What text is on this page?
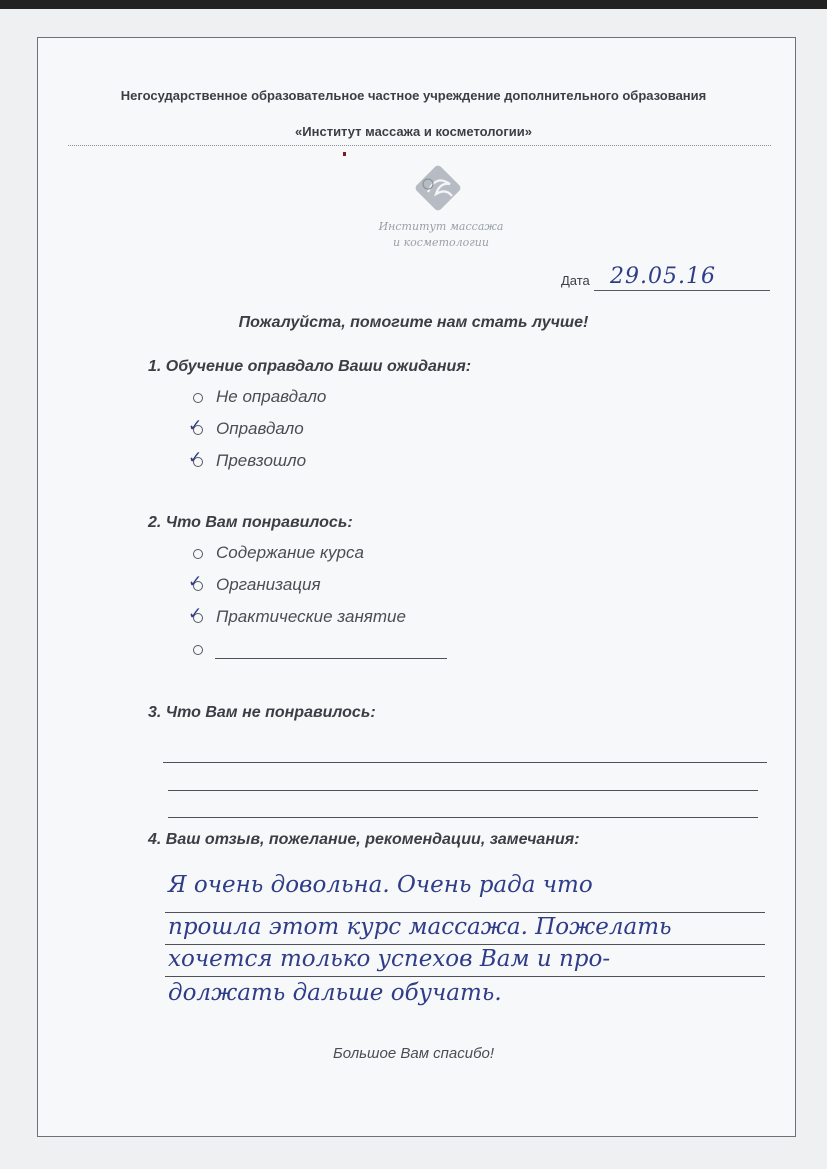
Негосударственное образовательное частное учреждение дополнительного образования
«Институт массажа и косметологии»
Институт массажа
и косметологии
Дата 29.05.16
Пожалуйста, помогите нам стать лучше!
1. Обучение оправдало Ваши ожидания:
Не оправдало
✓ Оправдало
✓ Превзошло
2. Что Вам понравилось:
Содержание курса
✓ Организация
✓ Практические занятие
3. Что Вам не понравилось:
4. Ваш отзыв, пожелание, рекомендации, замечания:
Я очень довольна. Очень рада что
прошла этот курс массажа. Пожелать
хочется только успехов Вам и про-
должать дальше обучать.
Большое Вам спасибо!
